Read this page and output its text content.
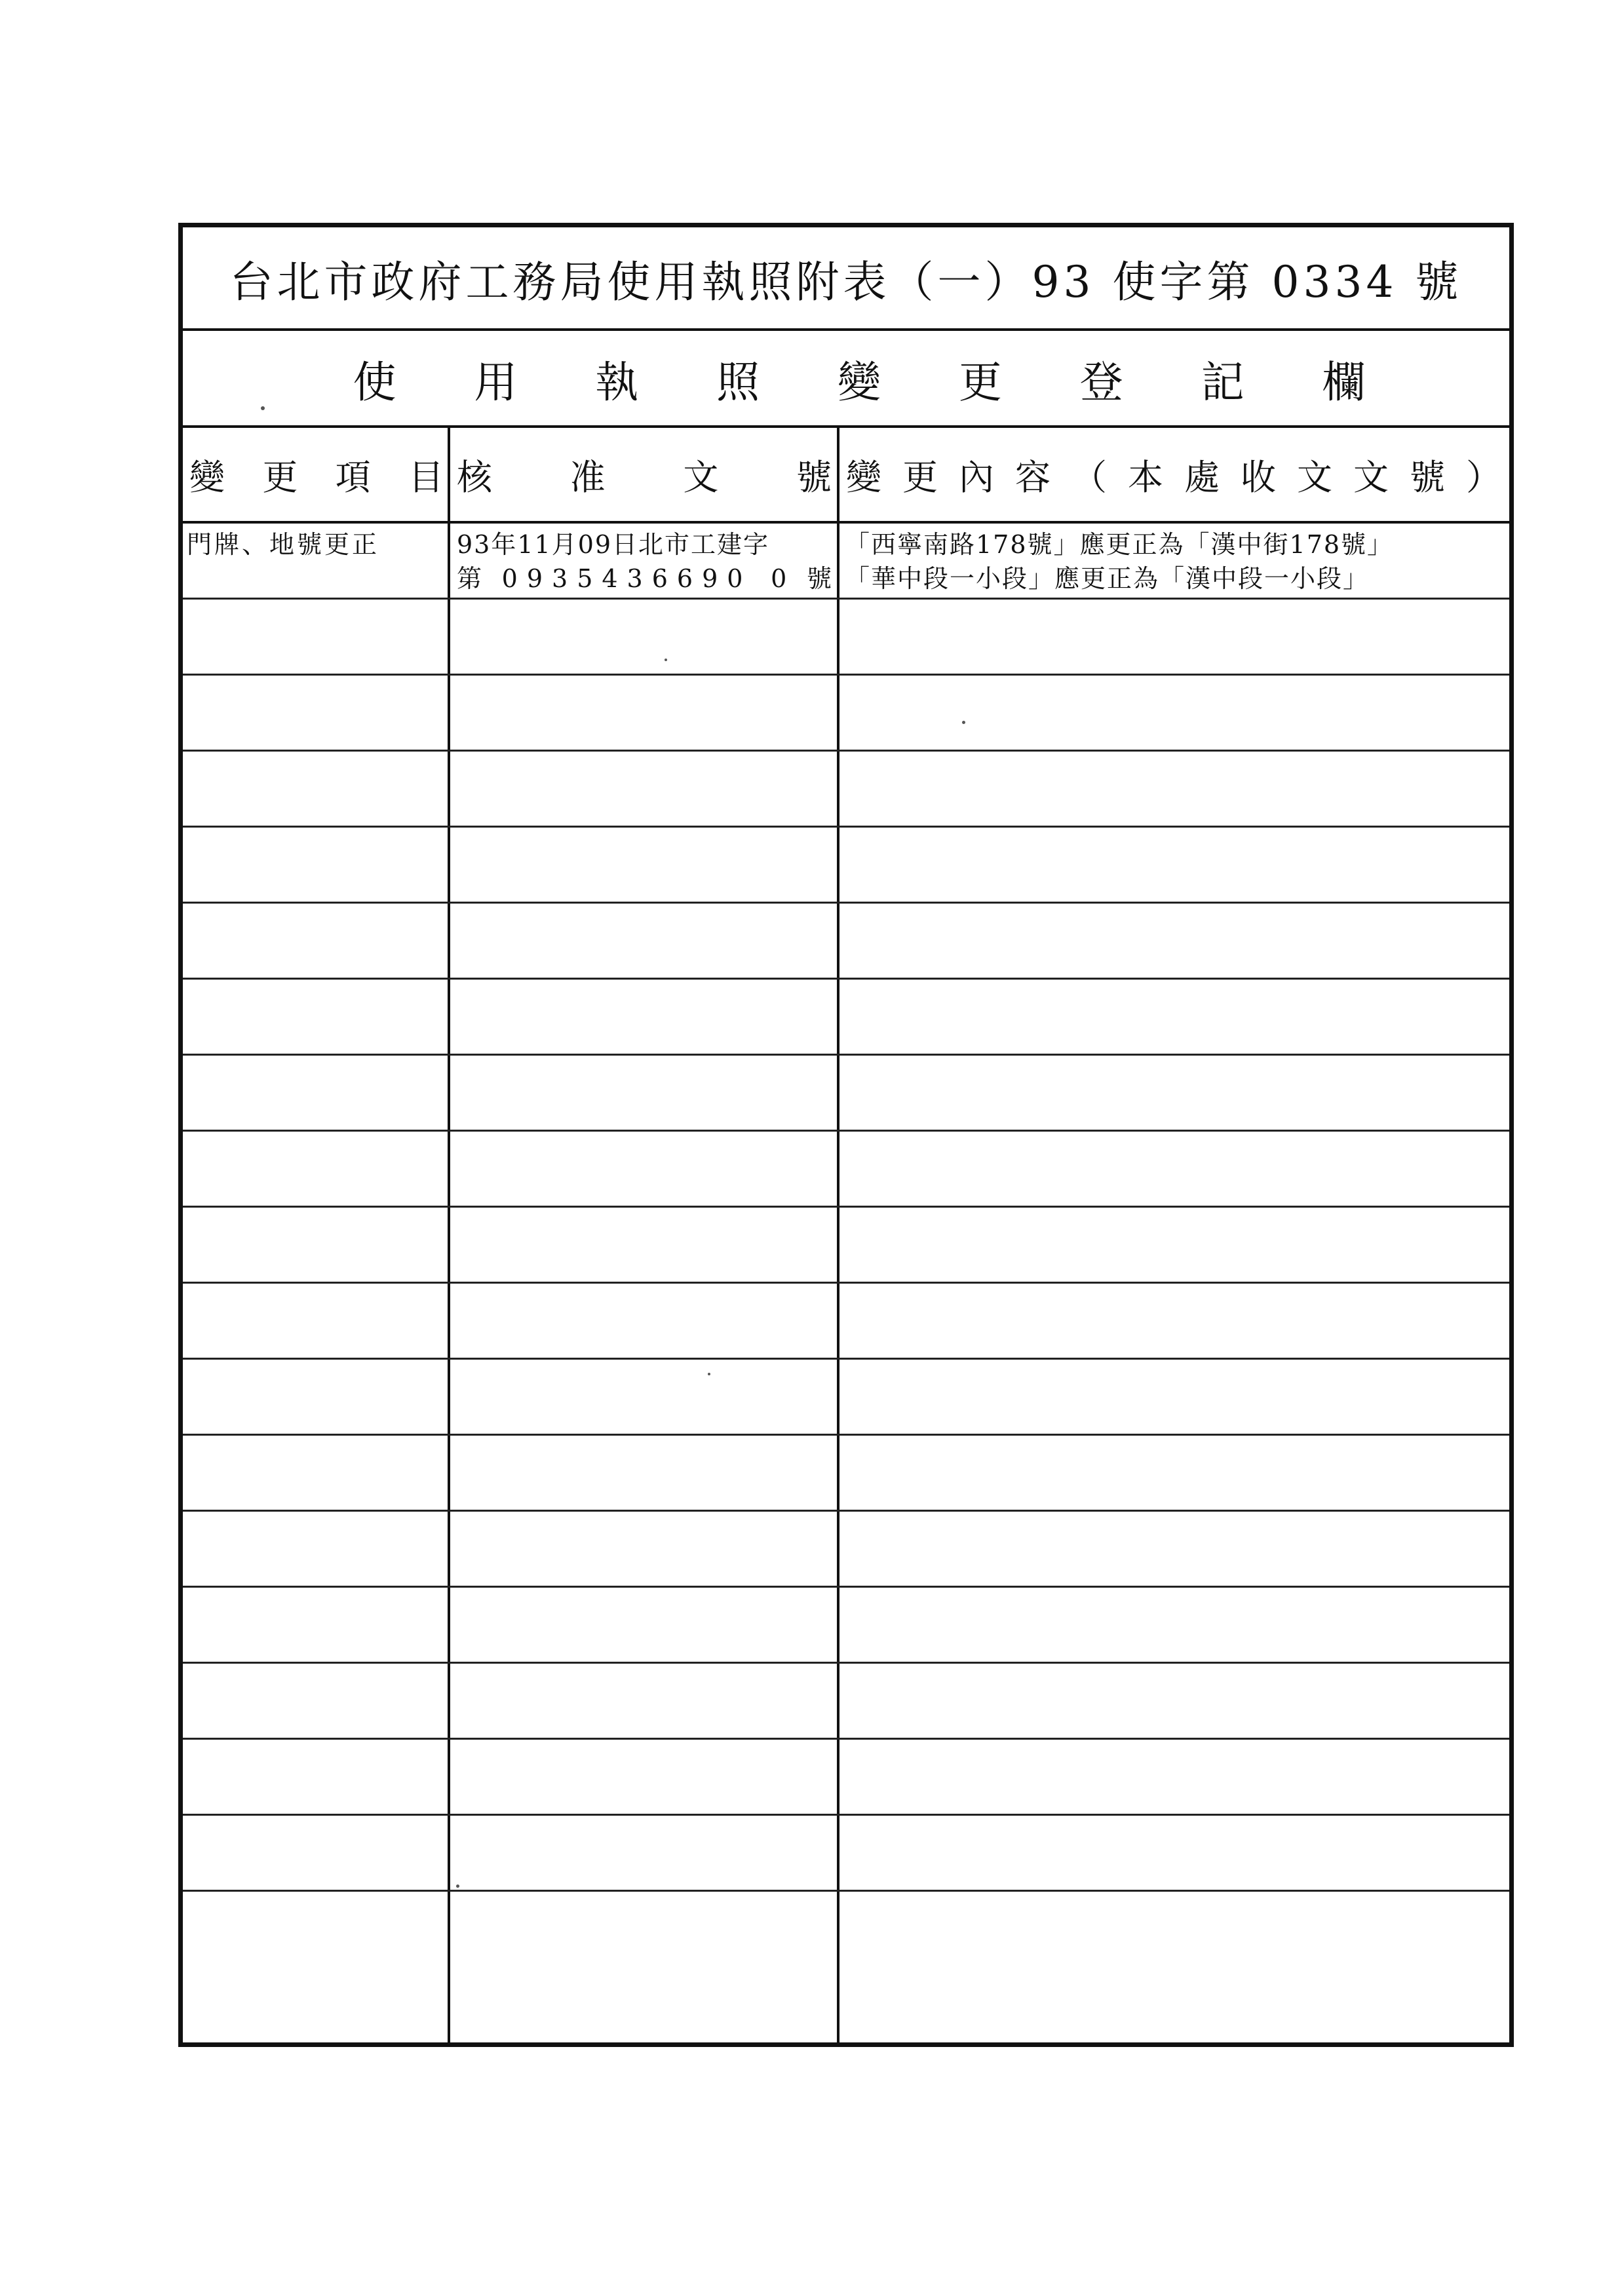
台北市政府工務局使用執照附表（一）93 使字第 0334 號
使 用 執 照 變 更 登 記 欄
變 更 項 目 核 准 文 號 變 更 內 容 （ 本 處 收 文 文 號 ）
門牌、地號更正	93年11月09日北市工建字
第 0935436690 0 號
「西寧南路178號」應更正為「漢中街178號」
「華中段一小段」應更正為「漢中段一小段」
